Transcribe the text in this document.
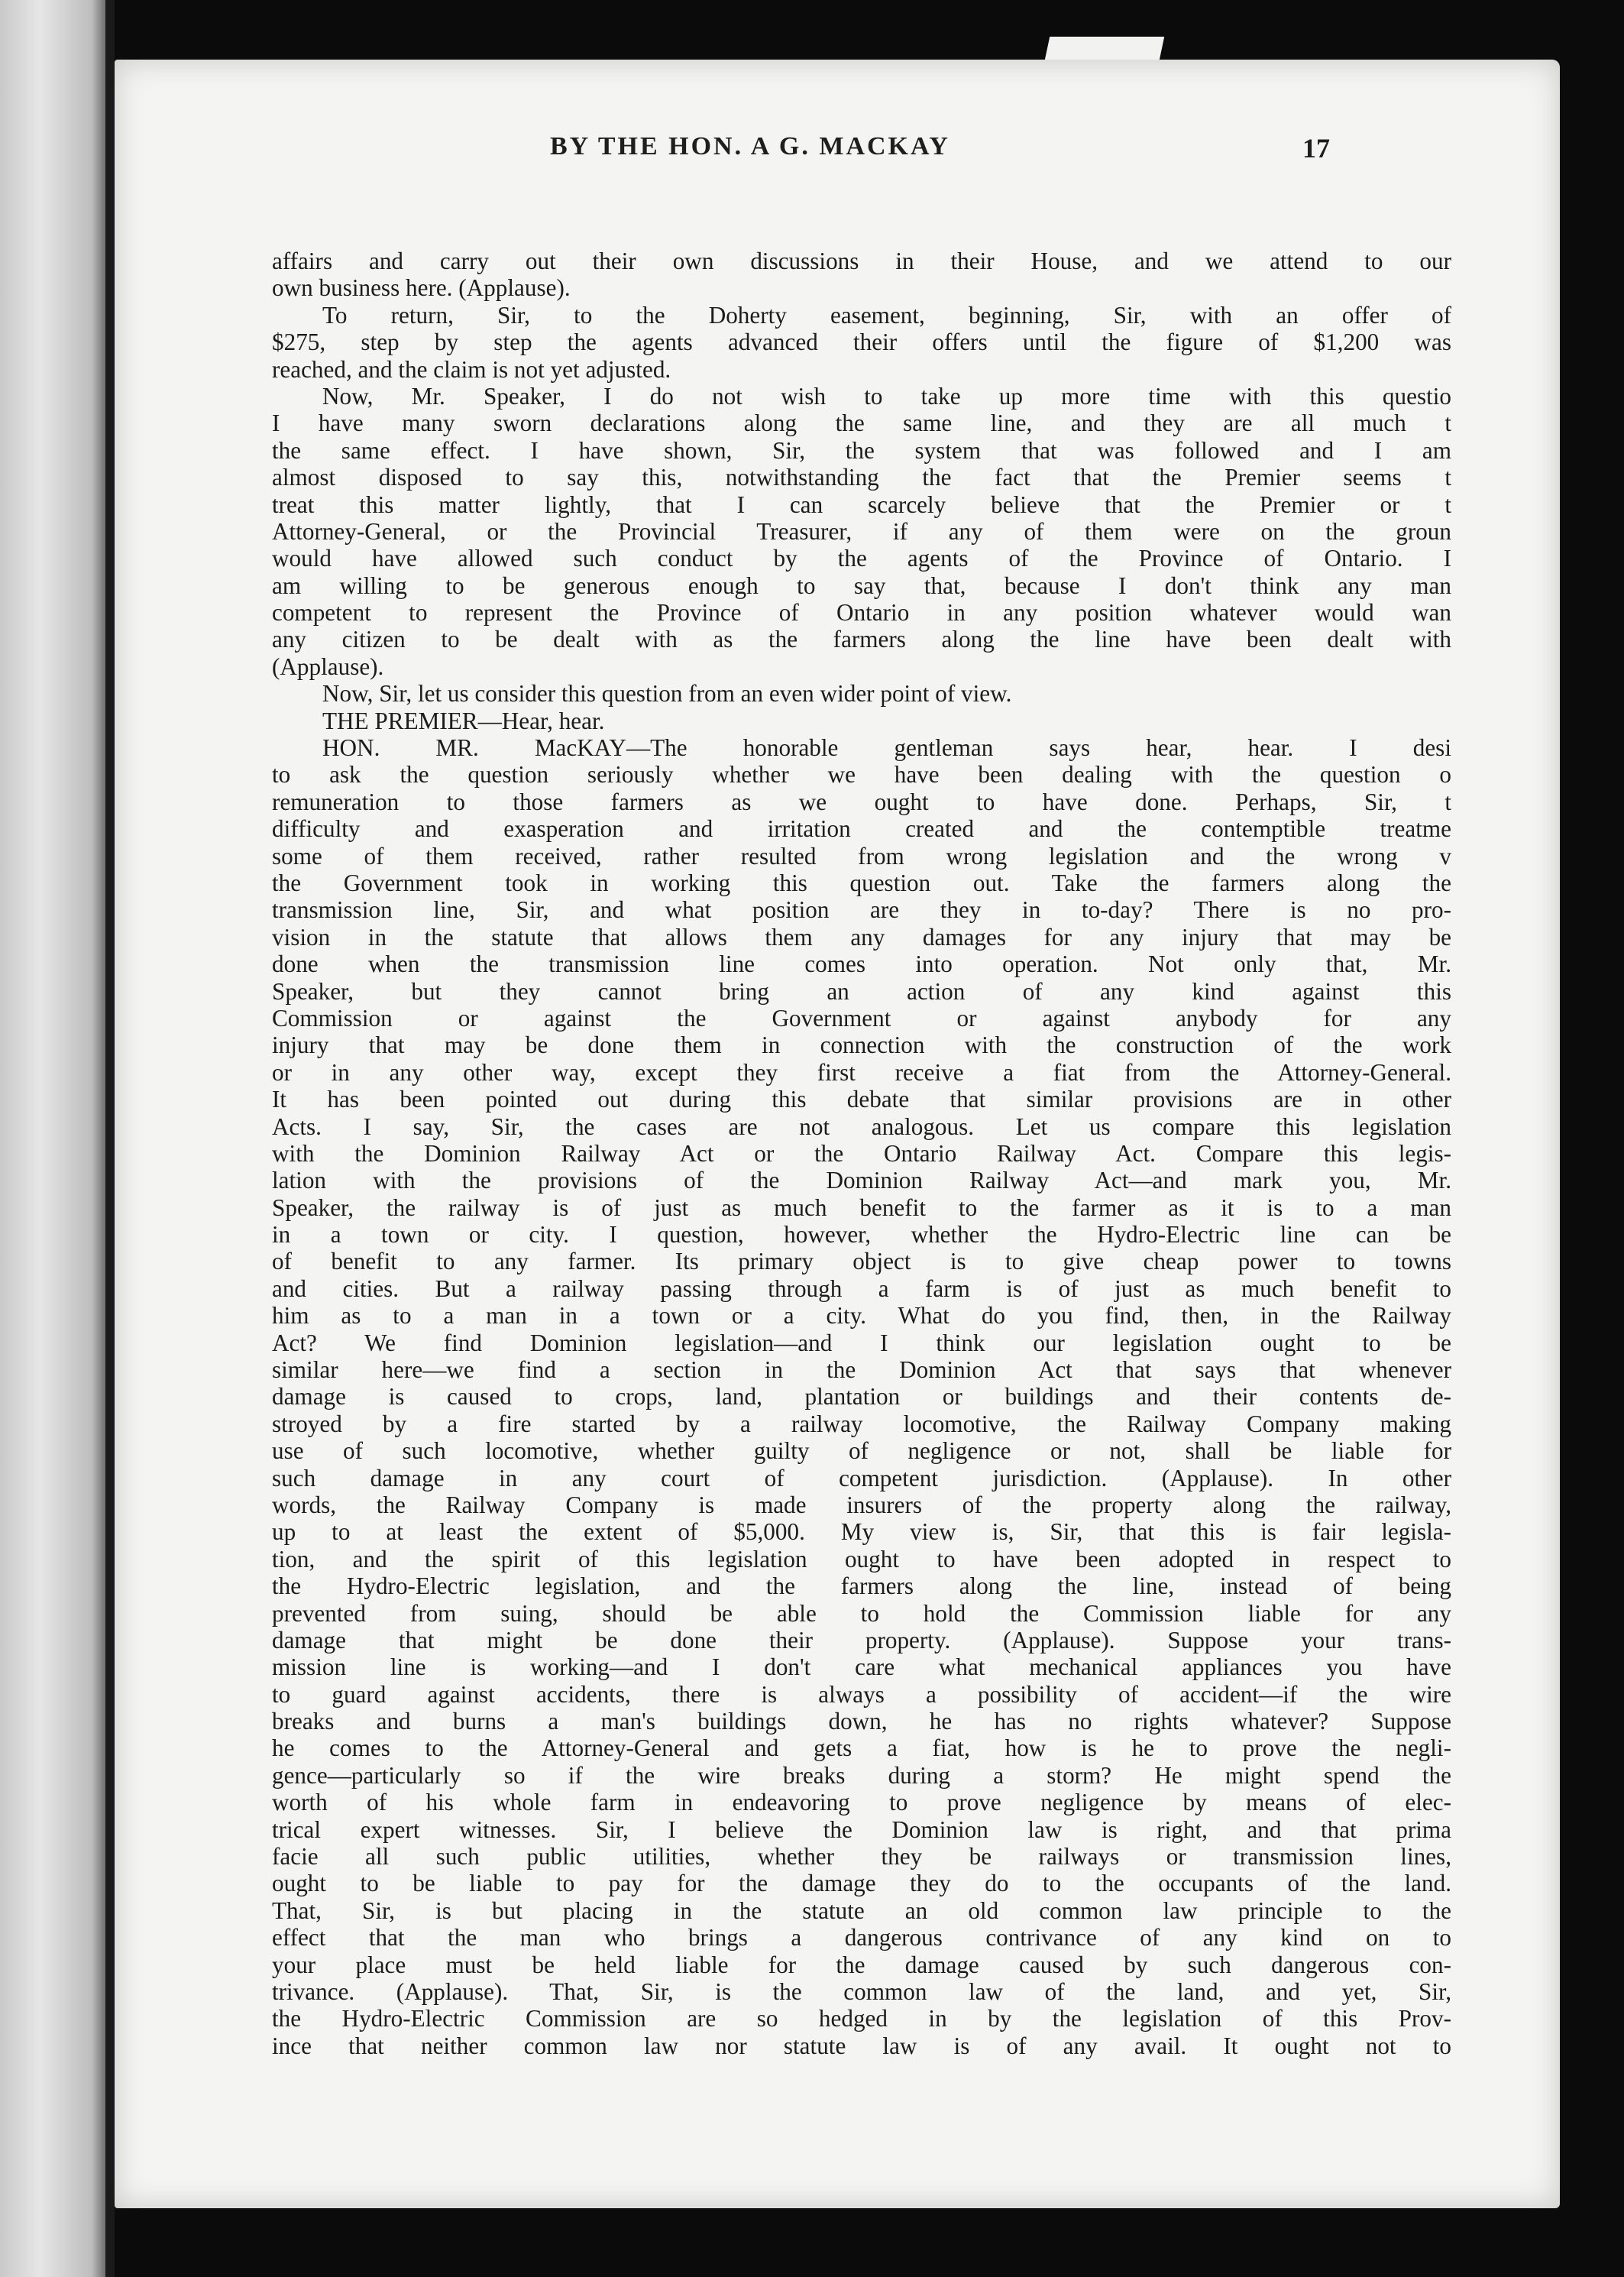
BY THE HON. A G. MACKAY	17
affairs and carry out their own discussions in their House, and we attend to our
own business here. (Applause).
To return, Sir, to the Doherty easement, beginning, Sir, with an offer of
$275, step by step the agents advanced their offers until the figure of $1,200 was
reached, and the claim is not yet adjusted.
Now, Mr. Speaker, I do not wish to take up more time with this questio
I have many sworn declarations along the same line, and they are all much t
the same effect. I have shown, Sir, the system that was followed and I am
almost disposed to say this, notwithstanding the fact that the Premier seems t
treat this matter lightly, that I can scarcely believe that the Premier or t
Attorney-General, or the Provincial Treasurer, if any of them were on the groun
would have allowed such conduct by the agents of the Province of Ontario. I
am willing to be generous enough to say that, because I don't think any man
competent to represent the Province of Ontario in any position whatever would wan
any citizen to be dealt with as the farmers along the line have been dealt with
(Applause).
Now, Sir, let us consider this question from an even wider point of view.
THE PREMIER—Hear, hear.
HON. MR. MacKAY—The honorable gentleman says hear, hear. I desi
to ask the question seriously whether we have been dealing with the question o
remuneration to those farmers as we ought to have done. Perhaps, Sir, t
difficulty and exasperation and irritation created and the contemptible treatme
some of them received, rather resulted from wrong legislation and the wrong v
the Government took in working this question out. Take the farmers along the
transmission line, Sir, and what position are they in to-day? There is no pro-
vision in the statute that allows them any damages for any injury that may be
done when the transmission line comes into operation. Not only that, Mr.
Speaker, but they cannot bring an action of any kind against this
Commission or against the Government or against anybody for any
injury that may be done them in connection with the construction of the work
or in any other way, except they first receive a fiat from the Attorney-General.
It has been pointed out during this debate that similar provisions are in other
Acts. I say, Sir, the cases are not analogous. Let us compare this legislation
with the Dominion Railway Act or the Ontario Railway Act. Compare this legis-
lation with the provisions of the Dominion Railway Act—and mark you, Mr.
Speaker, the railway is of just as much benefit to the farmer as it is to a man
in a town or city. I question, however, whether the Hydro-Electric line can be
of benefit to any farmer. Its primary object is to give cheap power to towns
and cities. But a railway passing through a farm is of just as much benefit to
him as to a man in a town or a city. What do you find, then, in the Railway
Act? We find Dominion legislation—and I think our legislation ought to be
similar here—we find a section in the Dominion Act that says that whenever
damage is caused to crops, land, plantation or buildings and their contents de-
stroyed by a fire started by a railway locomotive, the Railway Company making
use of such locomotive, whether guilty of negligence or not, shall be liable for
such damage in any court of competent jurisdiction. (Applause). In other
words, the Railway Company is made insurers of the property along the railway,
up to at least the extent of $5,000. My view is, Sir, that this is fair legisla-
tion, and the spirit of this legislation ought to have been adopted in respect to
the Hydro-Electric legislation, and the farmers along the line, instead of being
prevented from suing, should be able to hold the Commission liable for any
damage that might be done their property. (Applause). Suppose your trans-
mission line is working—and I don't care what mechanical appliances you have
to guard against accidents, there is always a possibility of accident—if the wire
breaks and burns a man's buildings down, he has no rights whatever? Suppose
he comes to the Attorney-General and gets a fiat, how is he to prove the negli-
gence—particularly so if the wire breaks during a storm? He might spend the
worth of his whole farm in endeavoring to prove negligence by means of elec-
trical expert witnesses. Sir, I believe the Dominion law is right, and that prima
facie all such public utilities, whether they be railways or transmission lines,
ought to be liable to pay for the damage they do to the occupants of the land.
That, Sir, is but placing in the statute an old common law principle to the
effect that the man who brings a dangerous contrivance of any kind on to
your place must be held liable for the damage caused by such dangerous con-
trivance. (Applause). That, Sir, is the common law of the land, and yet, Sir,
the Hydro-Electric Commission are so hedged in by the legislation of this Prov-
ince that neither common law nor statute law is of any avail. It ought not to
